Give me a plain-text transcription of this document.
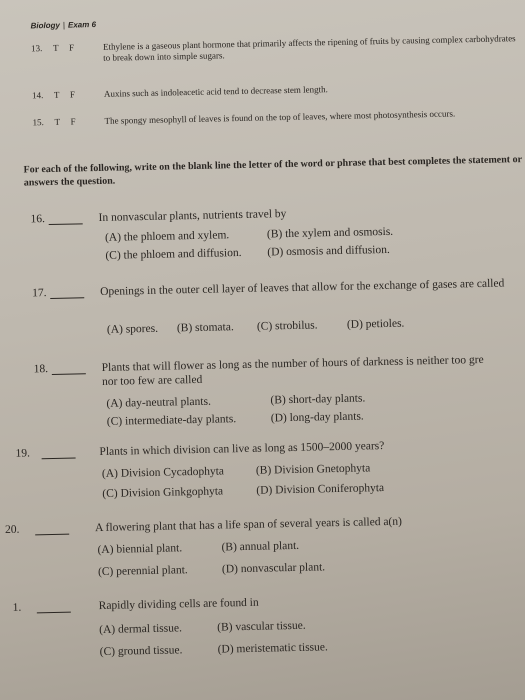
Biology | Exam 6
13. T F	Ethylene is a gaseous plant hormone that primarily affects the ripening of fruits by causing complex carbohydrates to break down into simple sugars.
14. T F	Auxins such as indoleacetic acid tend to decrease stem length.
15. T F	The spongy mesophyll of leaves is found on the top of leaves, where most photosynthesis occurs.
For each of the following, write on the blank line the letter of the word or phrase that best completes the statement or answers the question.
16.	In nonvascular plants, nutrients travel by
(A) the phloem and xylem.	(B) the xylem and osmosis.
(C) the phloem and diffusion. (D) osmosis and diffusion.
17.	Openings in the outer cell layer of leaves that allow for the exchange of gases are called
(A) spores. (B) stomata. (C) strobilus.	(D) petioles.
18.	Plants that will flower as long as the number of hours of darkness is neither too gre
nor too few are called
(A) day-neutral plants.	(B) short-day plants.
(C) intermediate-day plants.	(D) long-day plants.
19.	Plants in which division can live as long as 1500–2000 years?
(A) Division Cycadophyta	(B) Division Gnetophyta
(C) Division Ginkgophyta	(D) Division Coniferophyta
20.	A flowering plant that has a life span of several years is called a(n)
(A) biennial plant.	(B) annual plant.
(C) perennial plant.	(D) nonvascular plant.
1.	Rapidly dividing cells are found in
(A) dermal tissue.	(B) vascular tissue.
(C) ground tissue.	(D) meristematic tissue.
